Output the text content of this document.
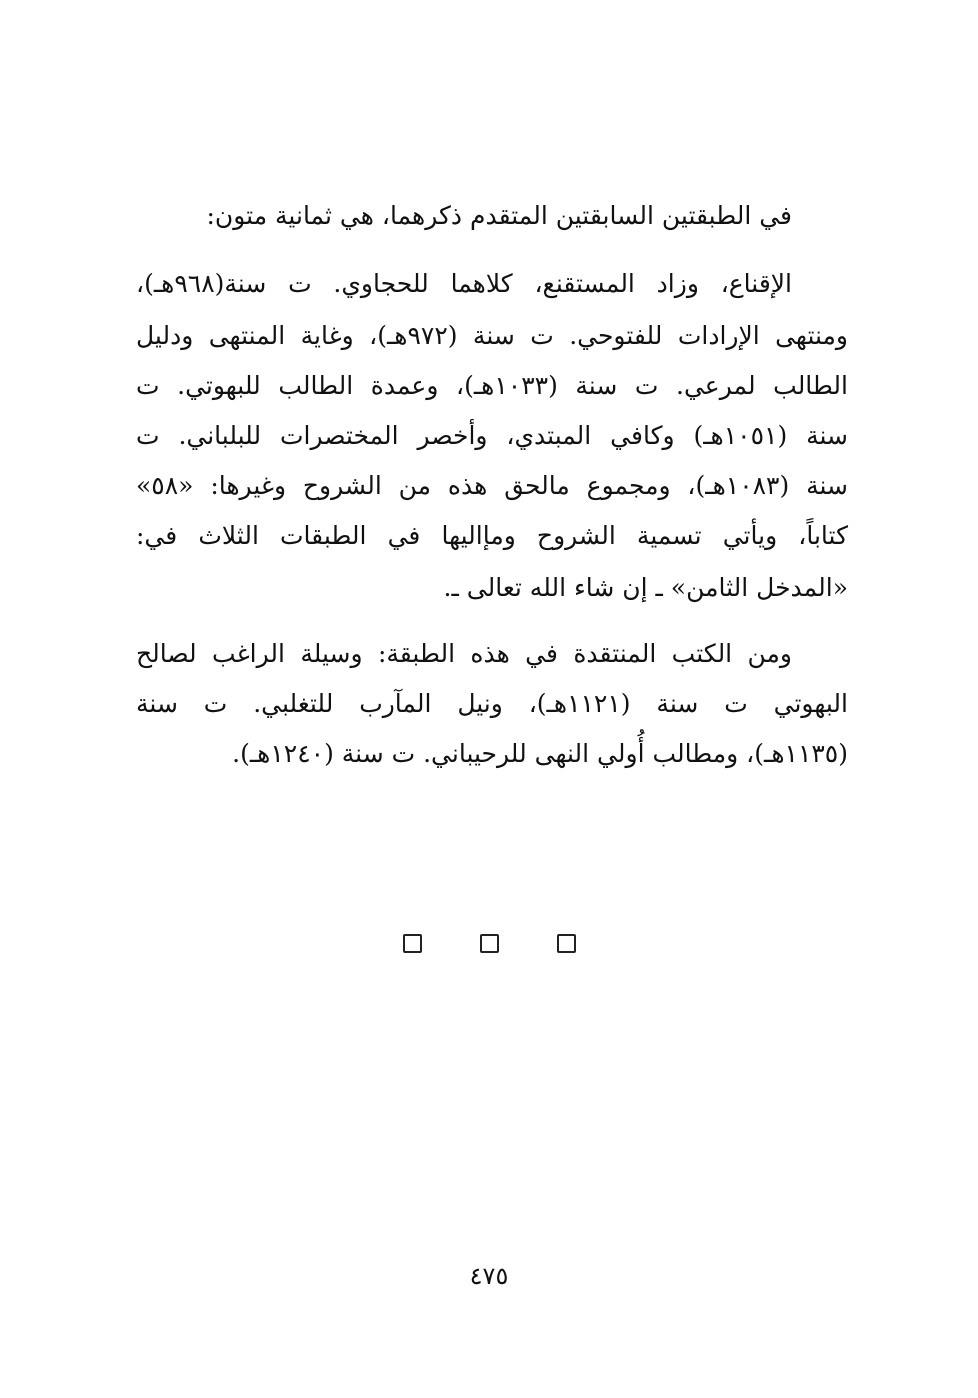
في الطبقتين السابقتين المتقدم ذكرهما، هي ثمانية متون:
الإقناع، وزاد المستقنع، كلاهما للحجاوي. ت سنة(٩٦٨هـ)،
ومنتهى الإرادات للفتوحي. ت سنة (٩٧٢هـ)، وغاية المنتهى ودليل
الطالب لمرعي. ت سنة (١٠٣٣هـ)، وعمدة الطالب للبهوتي. ت
سنة (١٠٥١هـ) وكافي المبتدي، وأخصر المختصرات للبلباني. ت
سنة (١٠٨٣هـ)، ومجموع مالحق هذه من الشروح وغيرها: «٥٨»
كتاباً، ويأتي تسمية الشروح ومإاليها في الطبقات الثلاث في:
«المدخل الثامن» ـ إن شاء الله تعالى ـ.
ومن الكتب المنتقدة في هذه الطبقة: وسيلة الراغب لصالح
البهوتي ت سنة (١١٢١هـ)، ونيل المآرب للتغلبي. ت سنة
(١١٣٥هـ)، ومطالب أُولي النهى للرحيباني. ت سنة (١٢٤٠هـ).

٤٧٥
